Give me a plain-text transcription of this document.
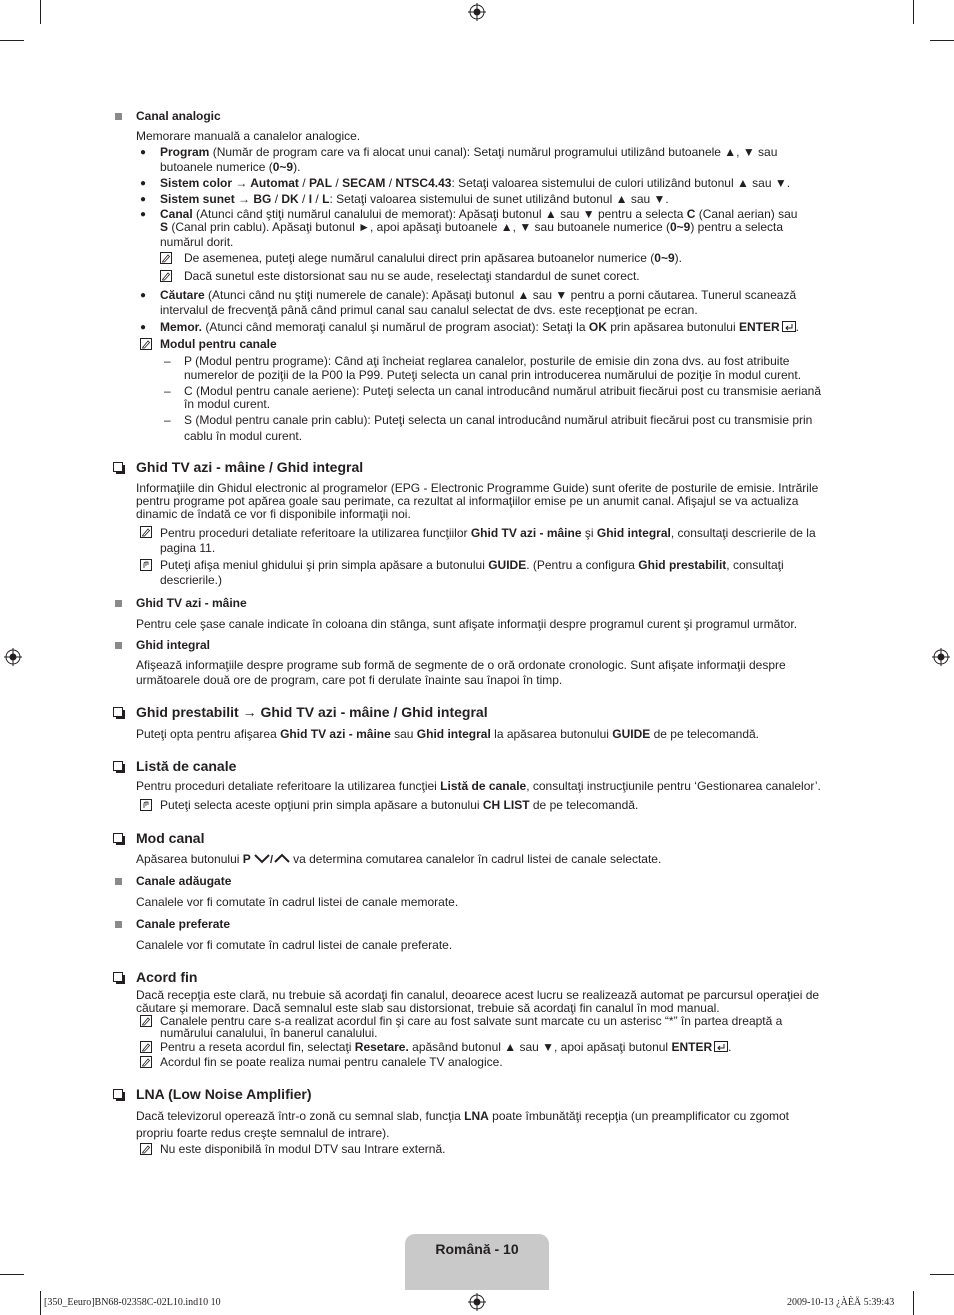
Canal analogic
Memorare manuală a canalelor analogice.
● Program (Număr de program care va fi alocat unui canal): Setaţi numărul programului utilizând butoanele ▲, ▼ sau
butoanele numerice (0~9).
● Sistem color → Automat / PAL / SECAM / NTSC4.43: Setaţi valoarea sistemului de culori utilizând butonul ▲ sau ▼.
● Sistem sunet → BG / DK / I / L: Setaţi valoarea sistemului de sunet utilizând butonul ▲ sau ▼.
● Canal (Atunci când ştiţi numărul canalului de memorat): Apăsaţi butonul ▲ sau ▼ pentru a selecta C (Canal aerian) sau
S (Canal prin cablu). Apăsaţi butonul ►, apoi apăsaţi butoanele ▲, ▼ sau butoanele numerice (0~9) pentru a selecta
numărul dorit.
De asemenea, puteţi alege numărul canalului direct prin apăsarea butoanelor numerice (0~9).
Dacă sunetul este distorsionat sau nu se aude, reselectaţi standardul de sunet corect.
● Căutare (Atunci când nu ştiţi numerele de canale): Apăsaţi butonul ▲ sau ▼ pentru a porni căutarea. Tunerul scanează
intervalul de frecvenţă până când primul canal sau canalul selectat de dvs. este recepţionat pe ecran.
● Memor. (Atunci când memoraţi canalul şi numărul de program asociat): Setaţi la OK prin apăsarea butonului ENTER .
Modul pentru canale
– P (Modul pentru programe): Când aţi încheiat reglarea canalelor, posturile de emisie din zona dvs. au fost atribuite
numerelor de poziţii de la P00 la P99. Puteţi selecta un canal prin introducerea numărului de poziţie în modul curent.
– C (Modul pentru canale aeriene): Puteţi selecta un canal introducând numărul atribuit fiecărui post cu transmisie aeriană
în modul curent.
– S (Modul pentru canale prin cablu): Puteţi selecta un canal introducând numărul atribuit fiecărui post cu transmisie prin
cablu în modul curent.
Ghid TV azi - mâine / Ghid integral
Informaţiile din Ghidul electronic al programelor (EPG - Electronic Programme Guide) sunt oferite de posturile de emisie. Intrările
pentru programe pot apărea goale sau perimate, ca rezultat al informaţiilor emise pe un anumit canal. Afişajul se va actualiza
dinamic de îndată ce vor fi disponibile informaţii noi.
Pentru proceduri detaliate referitoare la utilizarea funcţiilor Ghid TV azi - mâine şi Ghid integral, consultaţi descrierile de la
pagina 11.
Puteţi afişa meniul ghidului şi prin simpla apăsare a butonului GUIDE. (Pentru a configura Ghid prestabilit, consultaţi
descrierile.)
Ghid TV azi - mâine
Pentru cele şase canale indicate în coloana din stânga, sunt afişate informaţii despre programul curent şi programul următor.
Ghid integral
Afişează informaţiile despre programe sub formă de segmente de o oră ordonate cronologic. Sunt afişate informaţii despre
următoarele două ore de program, care pot fi derulate înainte sau înapoi în timp.
Ghid prestabilit → Ghid TV azi - mâine / Ghid integral
Puteţi opta pentru afişarea Ghid TV azi - mâine sau Ghid integral la apăsarea butonului GUIDE de pe telecomandă.
Listă de canale
Pentru proceduri detaliate referitoare la utilizarea funcţiei Listă de canale, consultaţi instrucţiunile pentru ‘Gestionarea canalelor’.
Puteţi selecta aceste opţiuni prin simpla apăsare a butonului CH LIST de pe telecomandă.
Mod canal
Apăsarea butonului P / va determina comutarea canalelor în cadrul listei de canale selectate.
Canale adăugate
Canalele vor fi comutate în cadrul listei de canale memorate.
Canale preferate
Canalele vor fi comutate în cadrul listei de canale preferate.
Acord fin
Dacă recepţia este clară, nu trebuie să acordaţi fin canalul, deoarece acest lucru se realizează automat pe parcursul operaţiei de
căutare şi memorare. Dacă semnalul este slab sau distorsionat, trebuie să acordaţi fin canalul în mod manual.
Canalele pentru care s-a realizat acordul fin şi care au fost salvate sunt marcate cu un asterisc “*” în partea dreaptă a
numărului canalului, în banerul canalului.
Pentru a reseta acordul fin, selectaţi Resetare. apăsând butonul ▲ sau ▼, apoi apăsaţi butonul ENTER .
Acordul fin se poate realiza numai pentru canalele TV analogice.
LNA (Low Noise Amplifier)
Dacă televizorul operează într-o zonă cu semnal slab, funcţia LNA poate îmbunătăţi recepţia (un preamplificator cu zgomot
propriu foarte redus creşte semnalul de intrare).
Nu este disponibilă în modul DTV sau Intrare externă.
Română - 10
[350_Eeuro]BN68-02358C-02L10.ind10 10	2009-10-13 ¿ÀÈÄ 5:39:43
